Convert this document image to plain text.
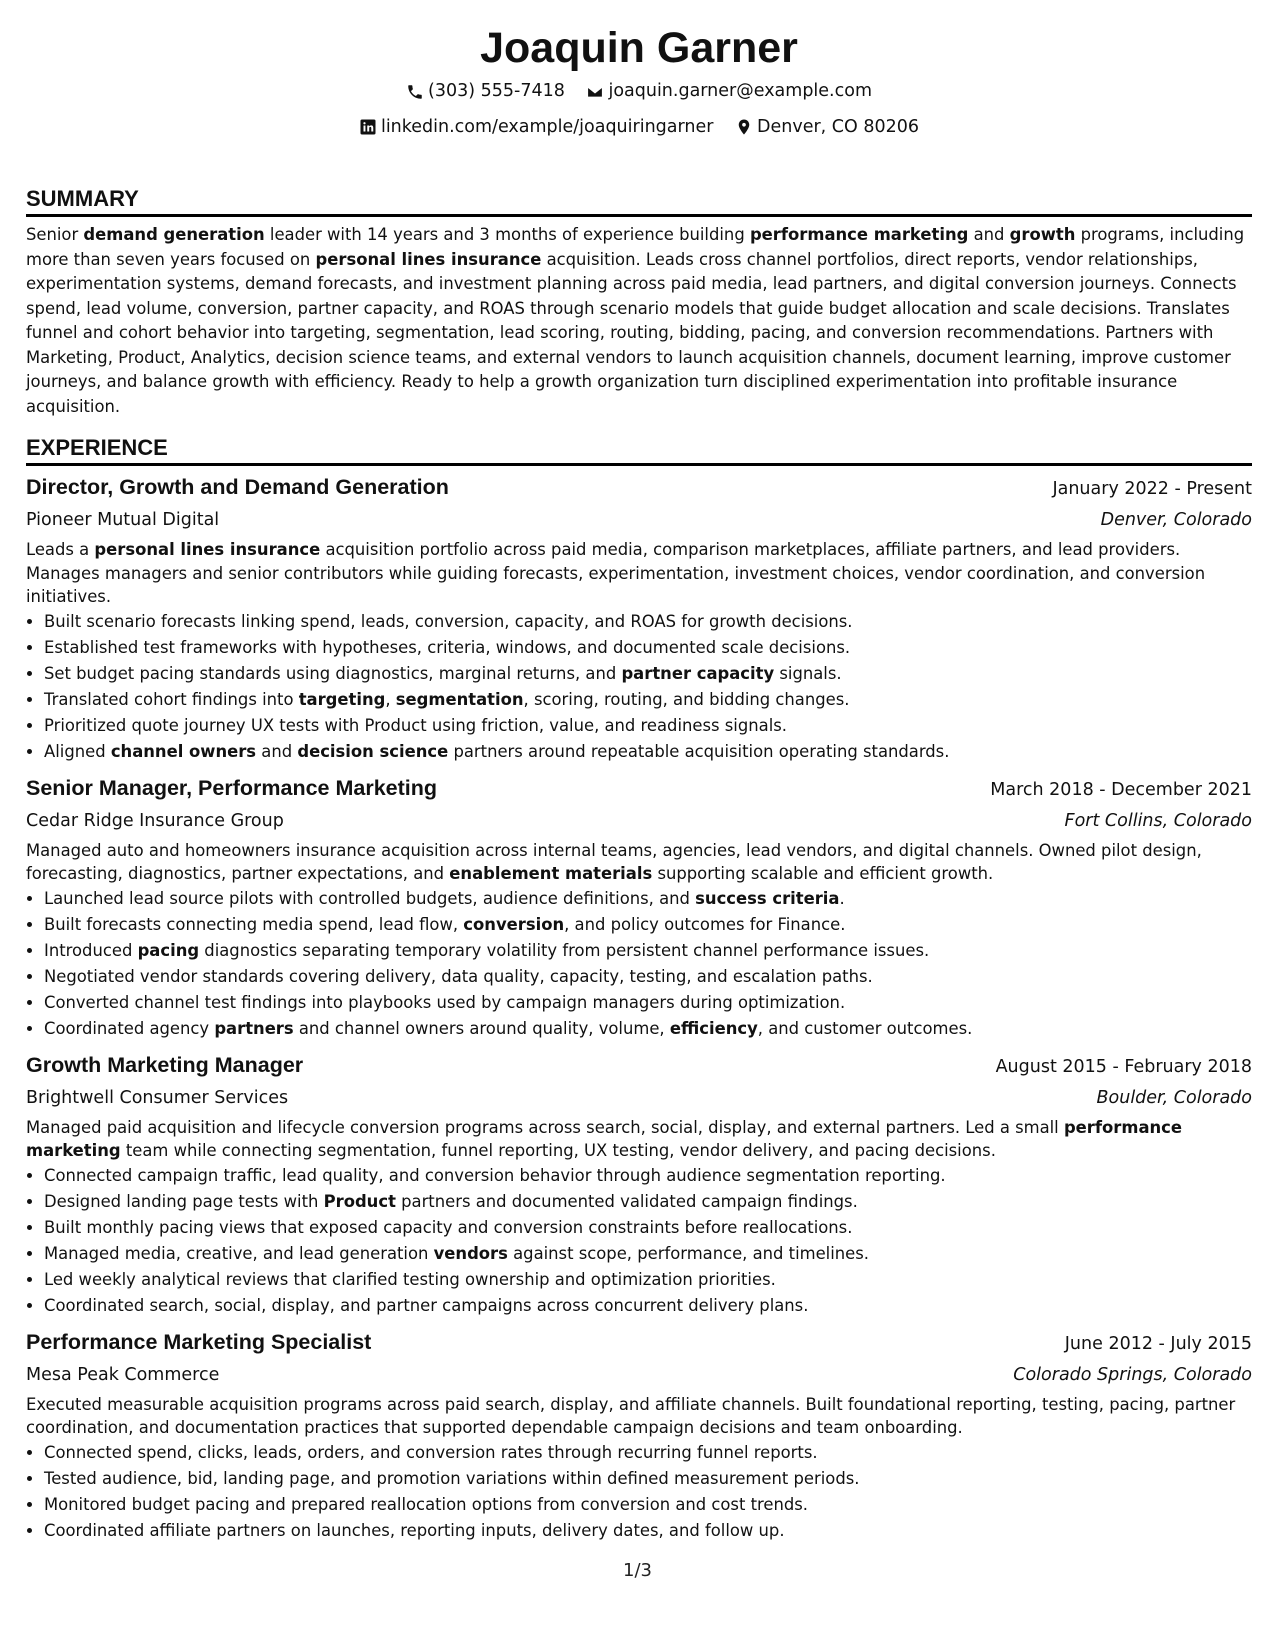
Joaquin Garner
(303) 555-7418
joaquin.garner@example.com
linkedin.com/example/joaquiringarner
Denver, CO 80206
SUMMARY

Senior demand generation leader with 14 years and 3 months of experience building performance marketing and growth programs, including more than seven years focused on personal lines insurance acquisition. Leads cross channel portfolios, direct reports, vendor relationships, experimentation systems, demand forecasts, and investment planning across paid media, lead partners, and digital conversion journeys. Connects spend, lead volume, conversion, partner capacity, and ROAS through scenario models that guide budget allocation and scale decisions. Translates funnel and cohort behavior into targeting, segmentation, lead scoring, routing, bidding, pacing, and conversion recommendations. Partners with Marketing, Product, Analytics, decision science teams, and external vendors to launch acquisition channels, document learning, improve customer journeys, and balance growth with efficiency. Ready to help a growth organization turn disciplined experimentation into profitable insurance acquisition.

EXPERIENCE
Director, Growth and Demand Generation	January 2022 - Present
Pioneer Mutual Digital	Denver, Colorado

Leads a personal lines insurance acquisition portfolio across paid media, comparison marketplaces, affiliate partners, and lead providers. Manages managers and senior contributors while guiding forecasts, experimentation, investment choices, vendor coordination, and conversion initiatives.

• Built scenario forecasts linking spend, leads, conversion, capacity, and ROAS for growth decisions.
• Established test frameworks with hypotheses, criteria, windows, and documented scale decisions.
• Set budget pacing standards using diagnostics, marginal returns, and partner capacity signals.
• Translated cohort findings into targeting, segmentation, scoring, routing, and bidding changes.
• Prioritized quote journey UX tests with Product using friction, value, and readiness signals.
• Aligned channel owners and decision science partners around repeatable acquisition operating standards.
Senior Manager, Performance Marketing	March 2018 - December 2021
Cedar Ridge Insurance Group	Fort Collins, Colorado

Managed auto and homeowners insurance acquisition across internal teams, agencies, lead vendors, and digital channels. Owned pilot design, forecasting, diagnostics, partner expectations, and enablement materials supporting scalable and efficient growth.

• Launched lead source pilots with controlled budgets, audience definitions, and success criteria.
• Built forecasts connecting media spend, lead flow, conversion, and policy outcomes for Finance.
• Introduced pacing diagnostics separating temporary volatility from persistent channel performance issues.
• Negotiated vendor standards covering delivery, data quality, capacity, testing, and escalation paths.
• Converted channel test findings into playbooks used by campaign managers during optimization.
• Coordinated agency partners and channel owners around quality, volume, efficiency, and customer outcomes.
Growth Marketing Manager	August 2015 - February 2018
Brightwell Consumer Services	Boulder, Colorado

Managed paid acquisition and lifecycle conversion programs across search, social, display, and external partners. Led a small performance marketing team while connecting segmentation, funnel reporting, UX testing, vendor delivery, and pacing decisions.

• Connected campaign traffic, lead quality, and conversion behavior through audience segmentation reporting.
• Designed landing page tests with Product partners and documented validated campaign findings.
• Built monthly pacing views that exposed capacity and conversion constraints before reallocations.
• Managed media, creative, and lead generation vendors against scope, performance, and timelines.
• Led weekly analytical reviews that clarified testing ownership and optimization priorities.
• Coordinated search, social, display, and partner campaigns across concurrent delivery plans.
Performance Marketing Specialist	June 2012 - July 2015
Mesa Peak Commerce	Colorado Springs, Colorado

Executed measurable acquisition programs across paid search, display, and affiliate channels. Built foundational reporting, testing, pacing, partner coordination, and documentation practices that supported dependable campaign decisions and team onboarding.

• Connected spend, clicks, leads, orders, and conversion rates through recurring funnel reports.
• Tested audience, bid, landing page, and promotion variations within defined measurement periods.
• Monitored budget pacing and prepared reallocation options from conversion and cost trends.
• Coordinated affiliate partners on launches, reporting inputs, delivery dates, and follow up.
1/3
